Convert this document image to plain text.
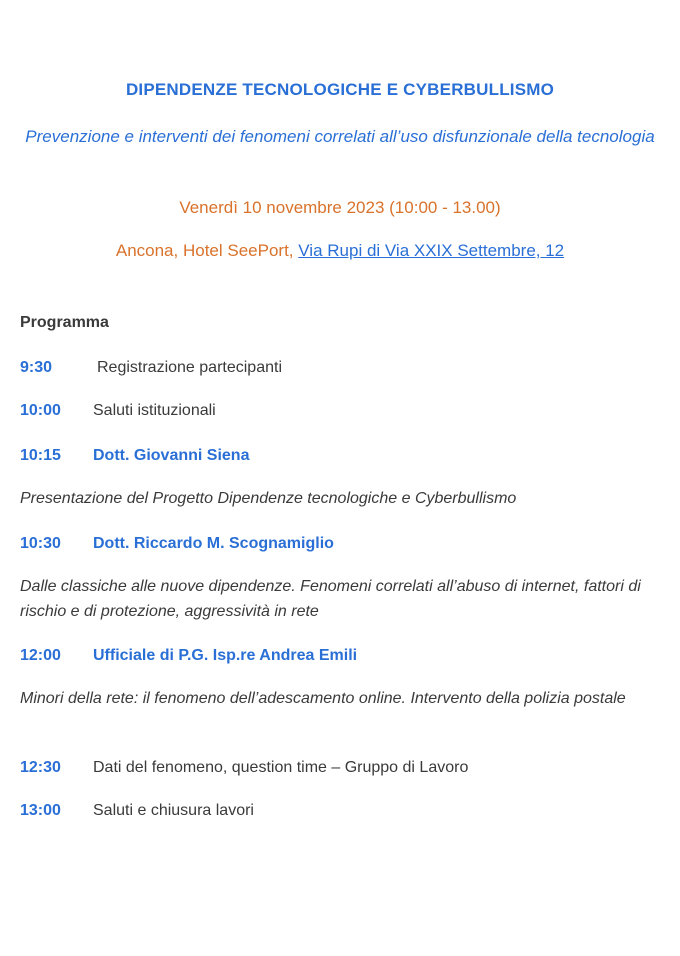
DIPENDENZE TECNOLOGICHE E CYBERBULLISMO
Prevenzione e interventi dei fenomeni correlati all’uso disfunzionale della tecnologia
Venerdì 10 novembre 2023 (10:00 - 13.00)
Ancona, Hotel SeePort, Via Rupi di Via XXIX Settembre, 12
Programma
9:30	Registrazione partecipanti
10:00 Saluti istituzionali
10:15 Dott. Giovanni Siena
Presentazione del Progetto Dipendenze tecnologiche e Cyberbullismo
10:30 Dott. Riccardo M. Scognamiglio
Dalle classiche alle nuove dipendenze. Fenomeni correlati all’abuso di internet, fattori di rischio e di protezione, aggressività in rete
12:00 Ufficiale di P.G. Isp.re Andrea Emili
Minori della rete: il fenomeno dell’adescamento online. Intervento della polizia postale
12:30 Dati del fenomeno, question time – Gruppo di Lavoro
13:00 Saluti e chiusura lavori
